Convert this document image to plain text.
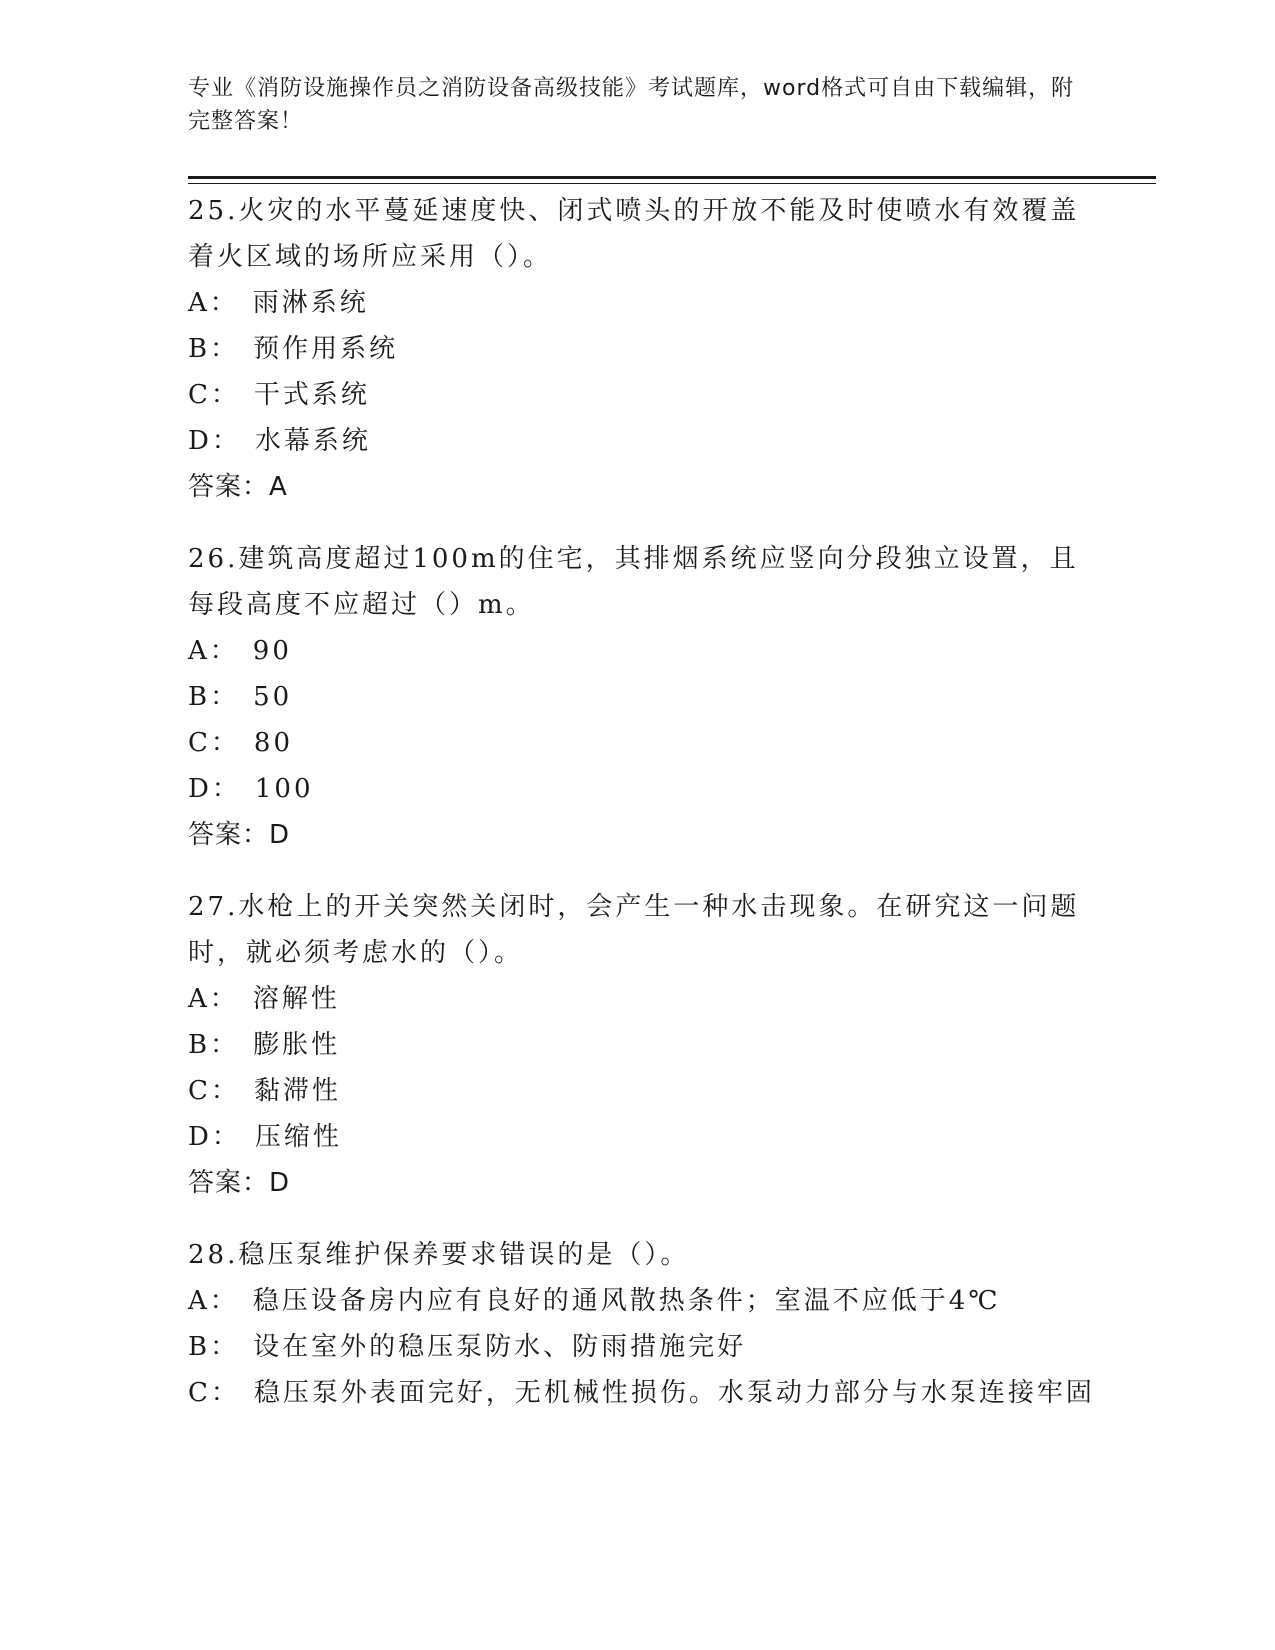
专业《消防设施操作员之消防设备高级技能》考试题库，word格式可自由下载编辑，附完整答案！

25.火灾的水平蔓延速度快、闭式喷头的开放不能及时使喷水有效覆盖着火区域的场所应采用（）。

A： 雨淋系统

B： 预作用系统

C： 干式系统

D： 水幕系统

答案：A

26.建筑高度超过100m的住宅，其排烟系统应竖向分段独立设置，且每段高度不应超过（）m。

A： 90

B： 50

C： 80

D： 100

答案：D

27.水枪上的开关突然关闭时，会产生一种水击现象。在研究这一问题时，就必须考虑水的（）。

A： 溶解性

B： 膨胀性

C： 黏滞性

D： 压缩性

答案：D

28.稳压泵维护保养要求错误的是（）。

A： 稳压设备房内应有良好的通风散热条件；室温不应低于4℃

B： 设在室外的稳压泵防水、防雨措施完好

C： 稳压泵外表面完好，无机械性损伤。水泵动力部分与水泵连接牢固
